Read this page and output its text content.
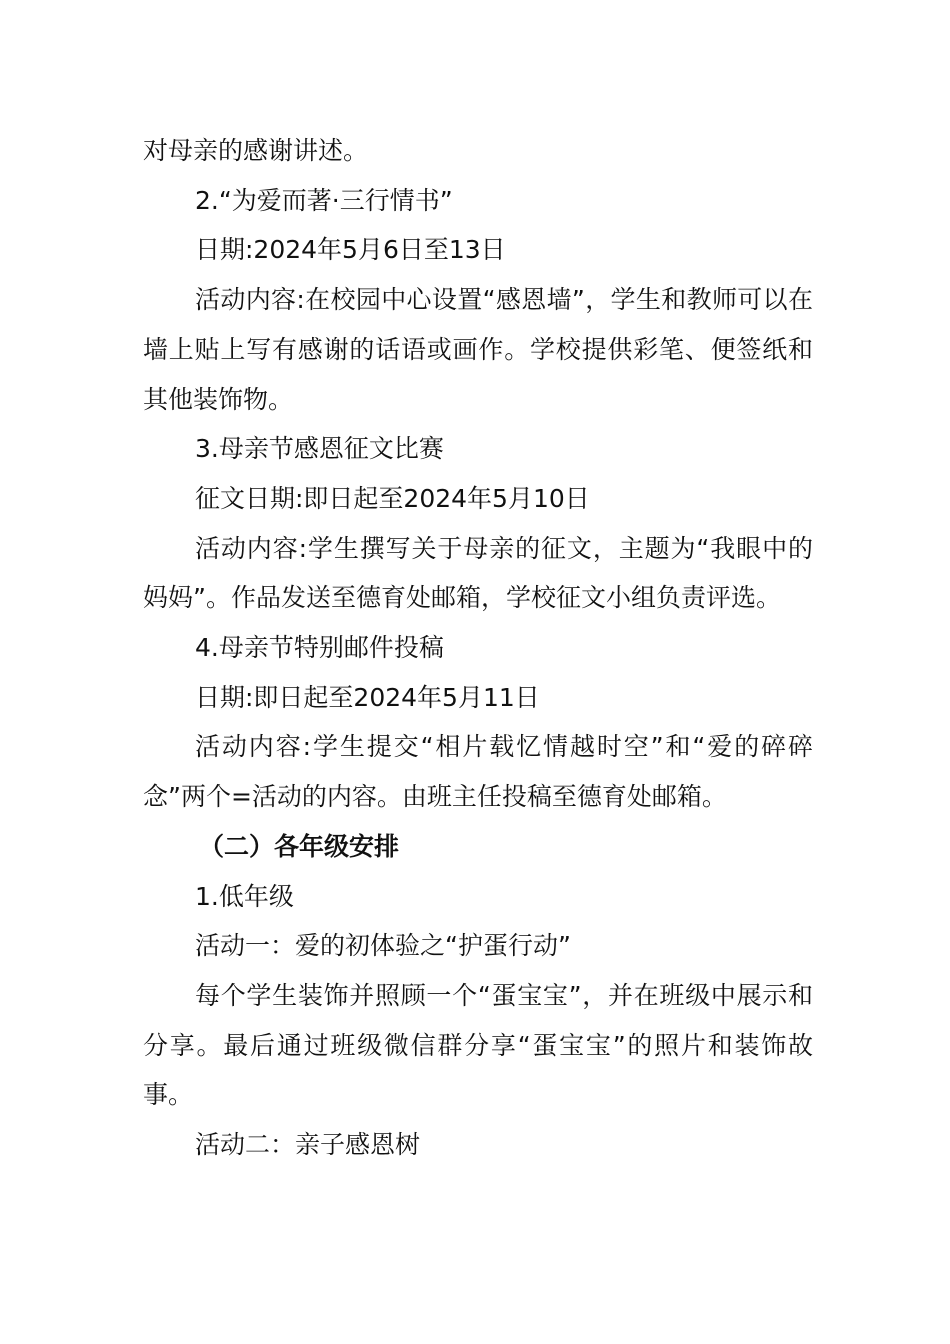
对母亲的感谢讲述。

2.“为爱而著·三行情书”

日期:2024年5月6日至13日

活动内容:在校园中心设置“感恩墙”，学生和教师可以在墙上贴上写有感谢的话语或画作。学校提供彩笔、便签纸和其他装饰物。

3.母亲节感恩征文比赛

征文日期:即日起至2024年5月10日

活动内容:学生撰写关于母亲的征文，主题为“我眼中的妈妈”。作品发送至德育处邮箱，学校征文小组负责评选。

4.母亲节特别邮件投稿

日期:即日起至2024年5月11日

活动内容:学生提交“相片载忆情越时空”和“爱的碎碎念”两个=活动的内容。由班主任投稿至德育处邮箱。

（二）各年级安排

1.低年级

活动一：爱的初体验之“护蛋行动”

每个学生装饰并照顾一个“蛋宝宝”，并在班级中展示和分享。最后通过班级微信群分享“蛋宝宝”的照片和装饰故事。

活动二：亲子感恩树
